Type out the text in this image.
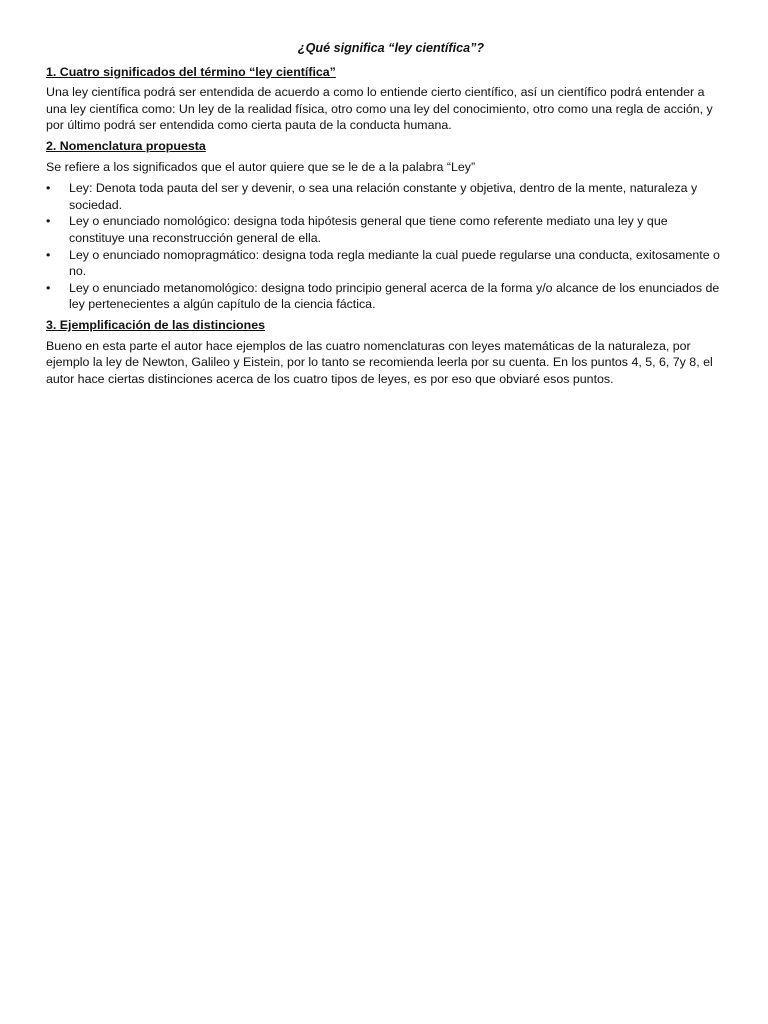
¿Qué significa “ley científica”?
1. Cuatro significados del término “ley científica”
Una ley científica podrá ser entendida de acuerdo a como lo entiende cierto científico, así un científico podrá entender a una ley científica como: Un ley de la realidad física, otro como una ley del conocimiento, otro como una regla de acción, y por último podrá ser entendida como cierta pauta de la conducta humana.
2. Nomenclatura propuesta
Se refiere a los significados que el autor quiere que se le de a la palabra “Ley”
•	Ley: Denota toda pauta del ser y devenir, o sea una relación constante y objetiva, dentro de la mente, naturaleza y sociedad.
•	Ley o enunciado nomológico: designa toda hipótesis general que tiene como referente mediato una ley y que constituye una reconstrucción general de ella.
•	Ley o enunciado nomopragmático: designa toda regla mediante la cual puede regularse una conducta, exitosamente o no.
•	Ley o enunciado metanomológico: designa todo principio general acerca de la forma y/o alcance de los enunciados de ley pertenecientes a algún capítulo de la ciencia fáctica.
3. Ejemplificación de las distinciones
Bueno en esta parte el autor hace ejemplos de las cuatro nomenclaturas con leyes matemáticas de la naturaleza, por ejemplo la ley de Newton, Galileo y Eistein, por lo tanto se recomienda leerla por su cuenta. En los puntos 4, 5, 6, 7y 8, el autor hace ciertas distinciones acerca de los cuatro tipos de leyes, es por eso que obviaré esos puntos.
